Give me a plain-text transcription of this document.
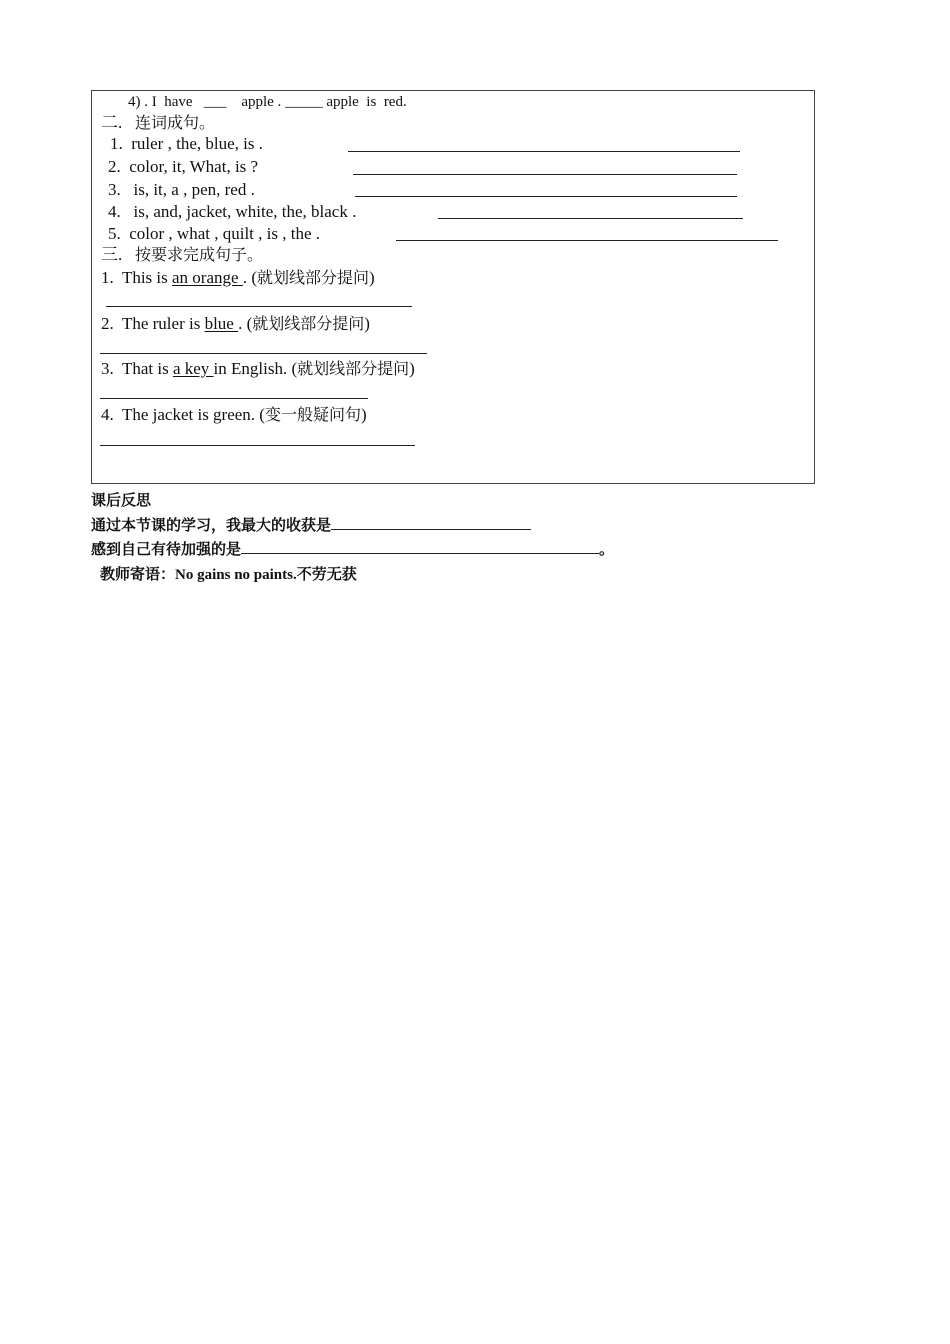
4) . I have ___ apple . _____ apple is red.
二. 连词成句。
1. ruler , the, blue, is .
2. color, it, What, is ?
3. is, it, a , pen, red .
4. is, and, jacket, white, the, black .
5. color , what , quilt , is , the .
三. 按要求完成句子。
1. This is an orange . (就划线部分提问)
2. The ruler is blue . (就划线部分提问)
3. That is a key in English. (就划线部分提问)
4.  The jacket is green. (变一般疑问句)
课后反思
通过本节课的学习，我最大的收获是
感到自己有待加强的是	。
教师寄语：No gains no paints.不劳无获
